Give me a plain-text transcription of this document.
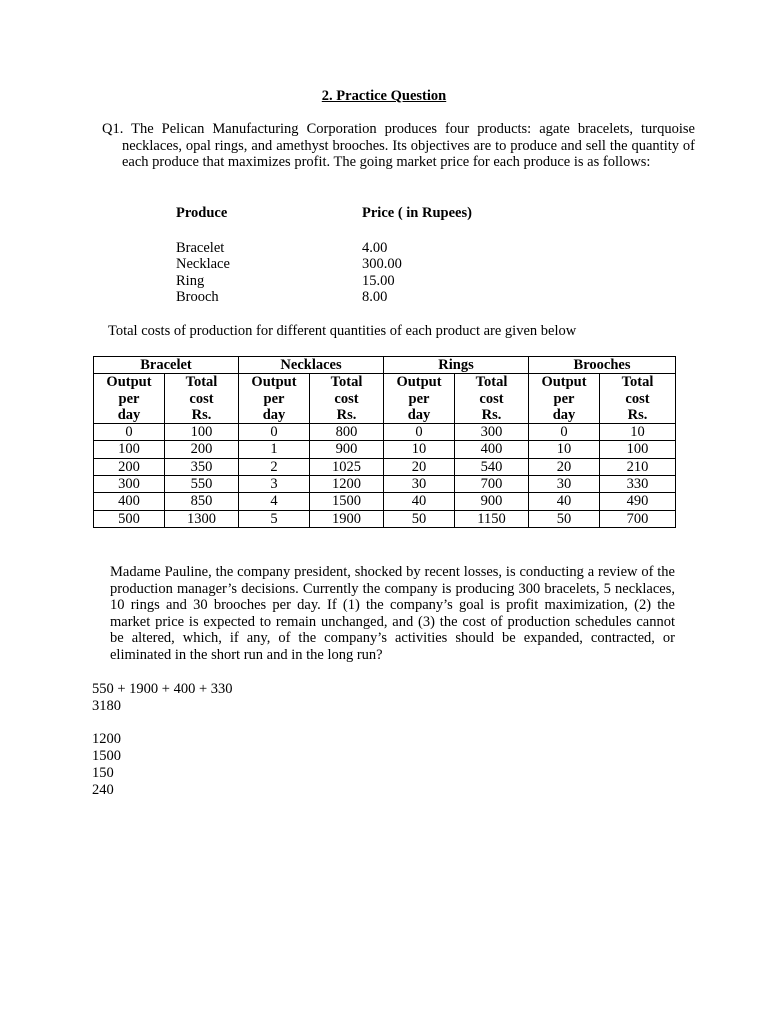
2. Practice Question
Q1. The Pelican Manufacturing Corporation produces four products: agate bracelets, turquoise necklaces, opal rings, and amethyst brooches. Its objectives are to produce and sell the quantity of each produce that maximizes profit. The going market price for each produce is as follows:
Produce	Price ( in Rupees)

Bracelet	4.00
Necklace	300.00
Ring	15.00
Brooch	8.00
Total costs of production for different quantities of each product are given below
Bracelet		Necklaces		Rings		Brooches	
Output
per
day	Total
cost
Rs.	Output
per
day	Total
cost
Rs.	Output
per
day	Total
cost
Rs.	Output
per
day	Total
cost
Rs.
0	100	0	800	0	300	0	10
100	200	1	900	10	400	10	100
200	350	2	1025	20	540	20	210
300	550	3	1200	30	700	30	330
400	850	4	1500	40	900	40	490
500	1300	5	1900	50	1150	50	700
Madame Pauline, the company president, shocked by recent losses, is conducting a review of the production manager’s decisions. Currently the company is producing 300 bracelets, 5 necklaces, 10 rings and 30 brooches per day. If (1) the company’s goal is profit maximization, (2) the market price is expected to remain unchanged, and (3) the cost of production schedules cannot be altered, which, if any, of the company’s activities should be expanded, contracted, or eliminated in the short run and in the long run?
550 + 1900 + 400 + 330
3180
1200
1500
150
240
